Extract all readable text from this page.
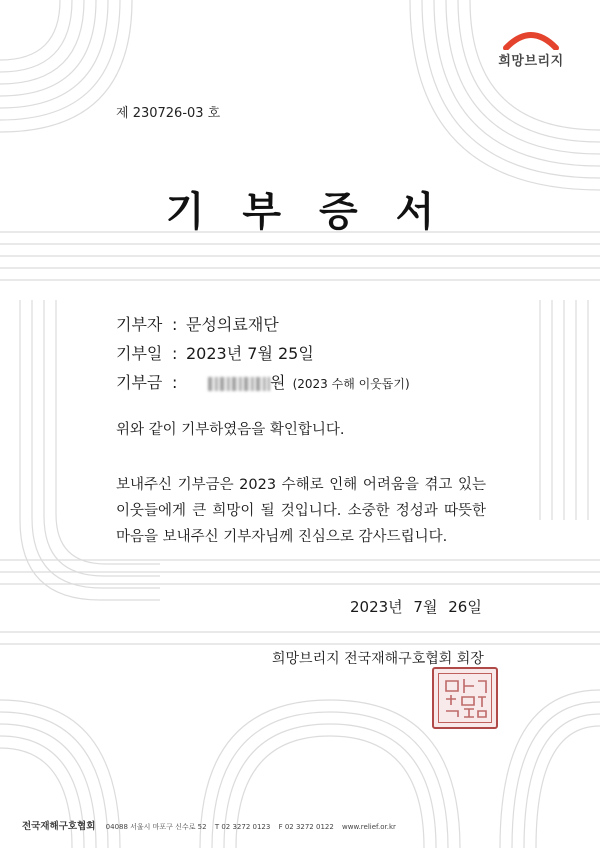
희망브리지
제 230726-03 호
기부증서
기부자 : 문성의료재단
기부일 : 2023년 7월 25일
기부금 :	원 (2023 수해 이웃돕기)
위와 같이 기부하였음을 확인합니다.
보내주신 기부금은 2023 수해로 인해 어려움을 겪고 있는 이웃들에게 큰 희망이 될 것입니다. 소중한 정성과 따뜻한 마음을 보내주신 기부자님께 진심으로 감사드립니다.
2023년 7월 26일
희망브리지 전국재해구호협회 회장
전국재해구호협회 04088 서울시 마포구 신수로 52 T 02 3272 0123 F 02 3272 0122 www.relief.or.kr
